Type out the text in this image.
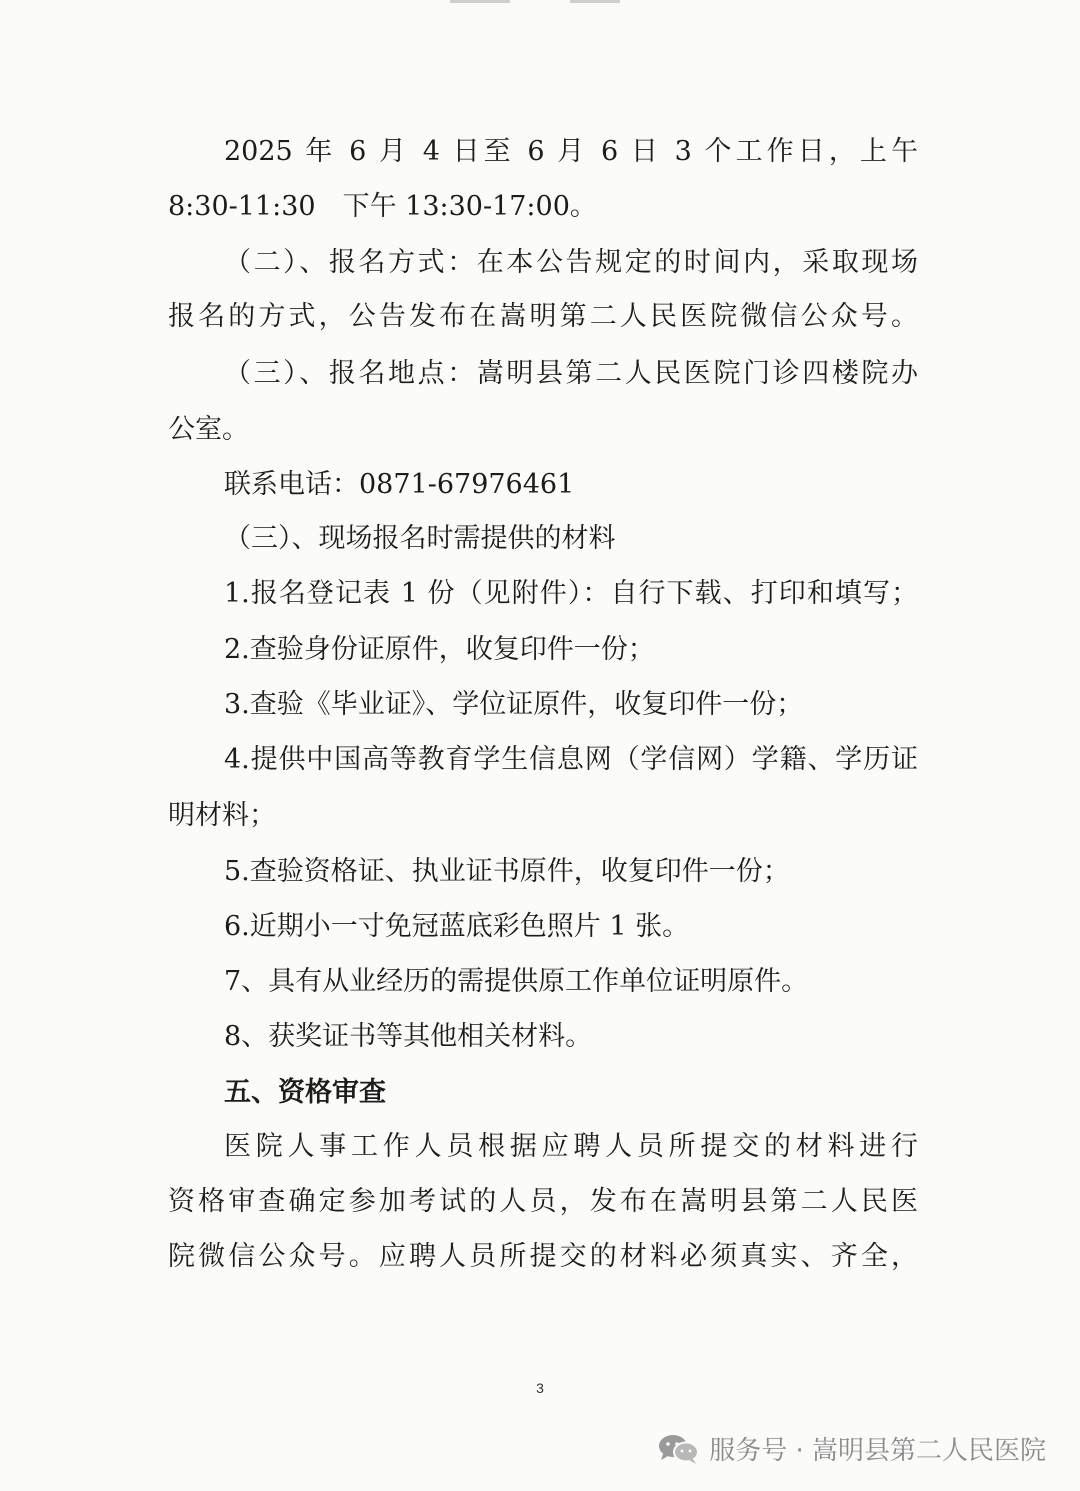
2025 年 6 月 4 日至 6 月 6 日 3 个工作日，上午

8:30-11:30　下午 13:30-17:00。

（二）、报名方式：在本公告规定的时间内，采取现场

报名的方式，公告发布在嵩明第二人民医院微信公众号。

（三）、报名地点：嵩明县第二人民医院门诊四楼院办

公室。

联系电话：0871-67976461

（三）、现场报名时需提供的材料

1.报名登记表 1 份（见附件）：自行下载、打印和填写；

2.查验身份证原件，收复印件一份；

3.查验《毕业证》、学位证原件，收复印件一份；

4.提供中国高等教育学生信息网（学信网）学籍、学历证

明材料；

5.查验资格证、执业证书原件，收复印件一份；

6.近期小一寸免冠蓝底彩色照片 1 张。

7、具有从业经历的需提供原工作单位证明原件。

8、获奖证书等其他相关材料。

五、资格审查

医院人事工作人员根据应聘人员所提交的材料进行

资格审查确定参加考试的人员，发布在嵩明县第二人民医

院微信公众号。应聘人员所提交的材料必须真实、齐全，

3
服务号 · 嵩明县第二人民医院
